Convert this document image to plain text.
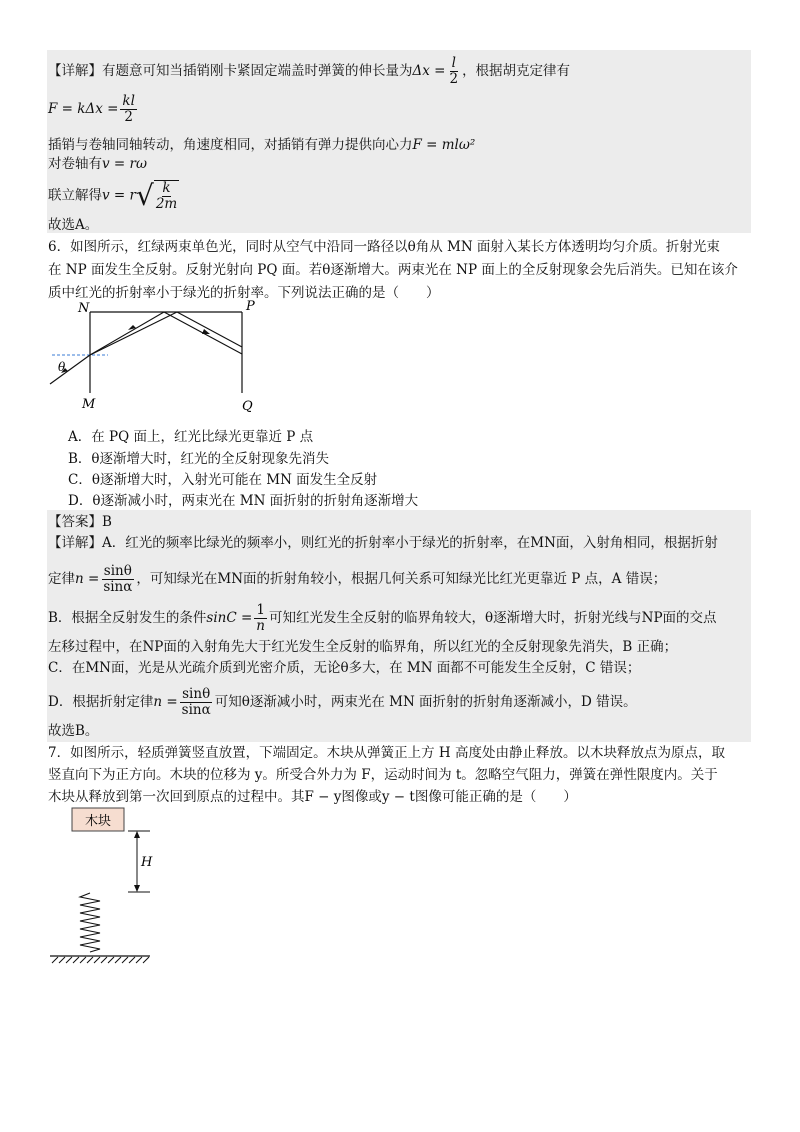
【详解】有题意可知当插销刚卡紧固定端盖时弹簧的伸长量为$\Delta x = \frac{l}{2}$ ，根据胡克定律有
$F = k\Delta x = \frac{kl}{2}$
插销与卷轴同轴转动，角速度相同，对插销有弹力提供向心力F = mlω²
对卷轴有v = rω
联立解得v = r √ k
2m
故选A。
6．如图所示，红绿两束单色光，同时从空气中沿同一路径以θ角从 MN 面射入某长方体透明均匀介质。折射光束
在 NP 面发生全反射。反射光射向 PQ 面。若θ逐渐增大。两束光在 NP 面上的全反射现象会先后消失。已知在该介
质中红光的折射率小于绿光的折射率。下列说法正确的是（　　）
N	P
M	Q
θ
A．在 PQ 面上，红光比绿光更靠近 P 点
B．θ逐渐增大时，红光的全反射现象先消失
C．θ逐渐增大时，入射光可能在 MN 面发生全反射
D．θ逐渐减小时，两束光在 MN 面折射的折射角逐渐增大
【答案】B
【详解】A．红光的频率比绿光的频率小，则红光的折射率小于绿光的折射率，在MN面，入射角相同，根据折射
定律$n = \frac{\sin\theta}{\sin\alpha}$ ，可知绿光在MN面的折射角较小，根据几何关系可知绿光比红光更靠近 P 点，A 错误；
B．根据全反射发生的条件$\sin C = \frac{1}{n}$ 可知红光发生全反射的临界角较大，θ逐渐增大时，折射光线与NP面的交点
左移过程中，在NP面的入射角先大于红光发生全反射的临界角，所以红光的全反射现象先消失，B 正确；
C．在MN面，光是从光疏介质到光密介质，无论θ多大，在 MN 面都不可能发生全反射，C 错误；
D．根据折射定律$n = \frac{\sin\theta}{\sin\alpha}$ 可知θ逐渐减小时，两束光在 MN 面折射的折射角逐渐减小，D 错误。
故选B。
7．如图所示，轻质弹簧竖直放置，下端固定。木块从弹簧正上方 H 高度处由静止释放。以木块释放点为原点，取
竖直向下为正方向。木块的位移为 y。所受合外力为 F，运动时间为 t。忽略空气阻力，弹簧在弹性限度内。关于
木块从释放到第一次回到原点的过程中。其F − y图像或y − t图像可能正确的是（　　）
木块
H
